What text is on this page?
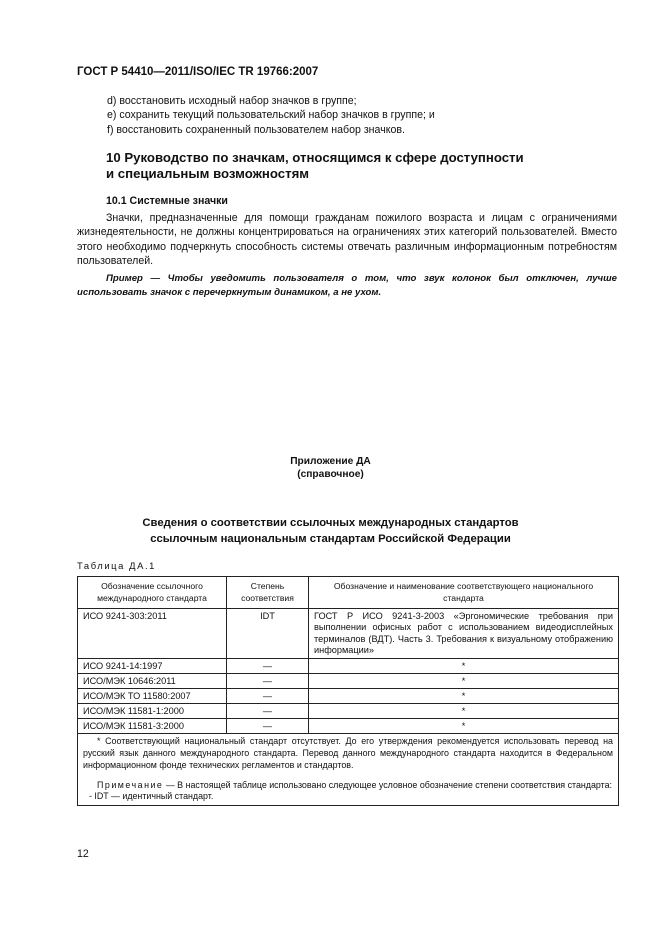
ГОСТ Р 54410—2011/ISO/IEC TR 19766:2007
d) восстановить исходный набор значков в группе;
e) сохранить текущий пользовательский набор значков в группе; и
f) восстановить сохраненный пользователем набор значков.
10 Руководство по значкам, относящимся к сфере доступности
и специальным возможностям
10.1 Системные значки
Значки, предназначенные для помощи гражданам пожилого возраста и лицам с ограничениями жизнедеятельности, не должны концентрироваться на ограничениях этих категорий пользователей. Вместо этого необходимо подчеркнуть способность системы отвечать различным информационным потребностям пользователей.
Пример — Чтобы уведомить пользователя о том, что звук колонок был отключен, лучше использовать значок с перечеркнутым динамиком, а не ухом.
Приложение ДА
(справочное)
Сведения о соответствии ссылочных международных стандартов
ссылочным национальным стандартам Российской Федерации
Таблица ДА.1
Обозначение ссылочного международного стандарта	Степень соответствия	Обозначение и наименование соответствующего национального стандарта
ИСО 9241-303:2011	IDT	ГОСТ Р ИСО 9241-3-2003 «Эргономические требования при выполнении офисных работ с использованием видеодисплейных терминалов (ВДТ). Часть 3. Требования к визуальному отображению информации»
ИСО 9241-14:1997	—	*
ИСО/МЭК 10646:2011	—	*
ИСО/МЭК ТО 11580:2007	—	*
ИСО/МЭК 11581-1:2000	—	*
ИСО/МЭК 11581-3:2000	—	*

* Соответствующий национальный стандарт отсутствует. До его утверждения рекомендуется использовать перевод на русский язык данного международного стандарта. Перевод данного международного стандарта находится в Федеральном информационном фонде технических регламентов и стандартов.
Примечание — В настоящей таблице использовано следующее условное обозначение степени соответствия стандарта:
- IDT — идентичный стандарт.		
12
